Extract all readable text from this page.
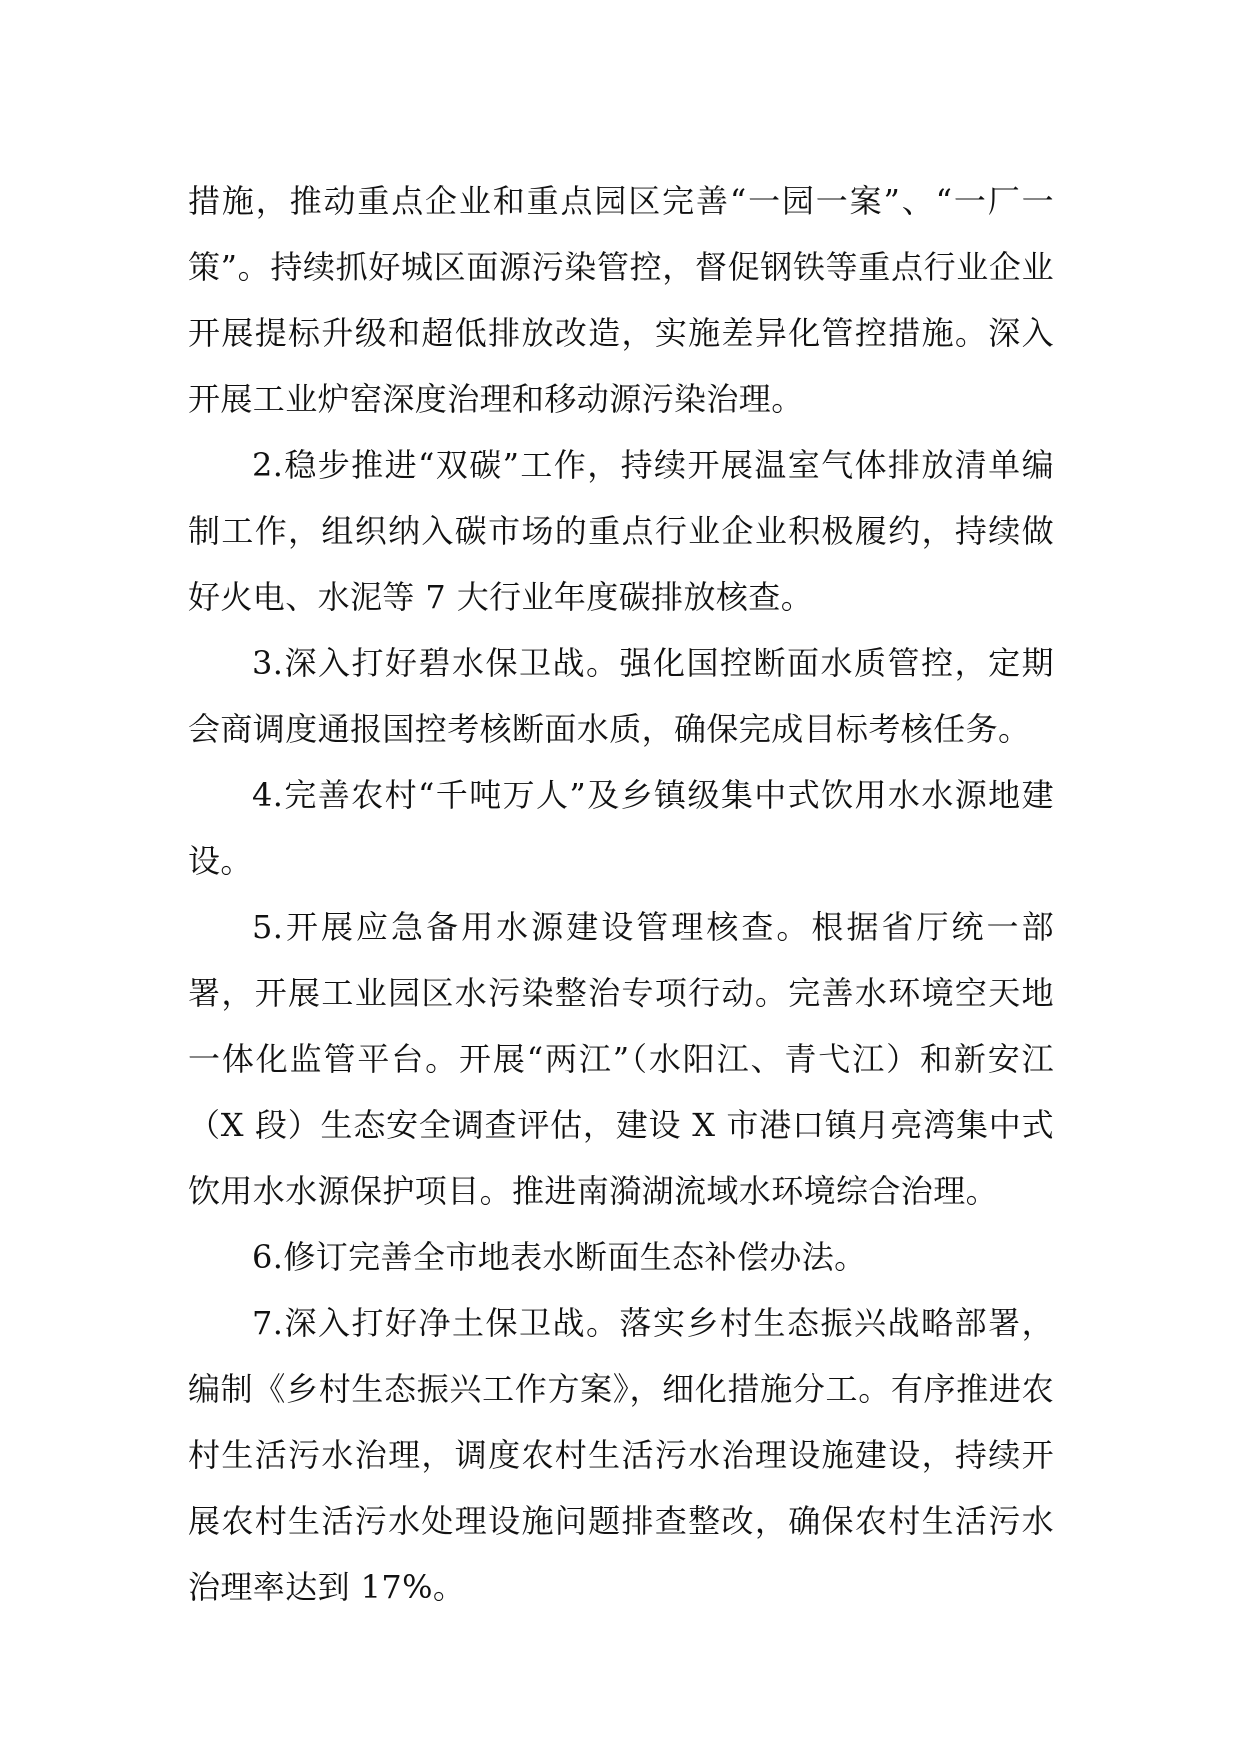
措施，推动重点企业和重点园区完善“一园一案”、“一厂一策”。持续抓好城区面源污染管控，督促钢铁等重点行业企业开展提标升级和超低排放改造，实施差异化管控措施。深入开展工业炉窑深度治理和移动源污染治理。

2.稳步推进“双碳”工作，持续开展温室气体排放清单编制工作，组织纳入碳市场的重点行业企业积极履约，持续做好火电、水泥等 7 大行业年度碳排放核查。

3.深入打好碧水保卫战。强化国控断面水质管控，定期会商调度通报国控考核断面水质，确保完成目标考核任务。

4.完善农村“千吨万人”及乡镇级集中式饮用水水源地建设。

5.开展应急备用水源建设管理核查。根据省厅统一部署，开展工业园区水污染整治专项行动。完善水环境空天地一体化监管平台。开展“两江”（水阳江、青弋江）和新安江（X 段）生态安全调查评估，建设 X 市港口镇月亮湾集中式饮用水水源保护项目。推进南漪湖流域水环境综合治理。

6.修订完善全市地表水断面生态补偿办法。

7.深入打好净土保卫战。落实乡村生态振兴战略部署，编制《乡村生态振兴工作方案》，细化措施分工。有序推进农村生活污水治理，调度农村生活污水治理设施建设，持续开展农村生活污水处理设施问题排查整改，确保农村生活污水治理率达到 17%。
